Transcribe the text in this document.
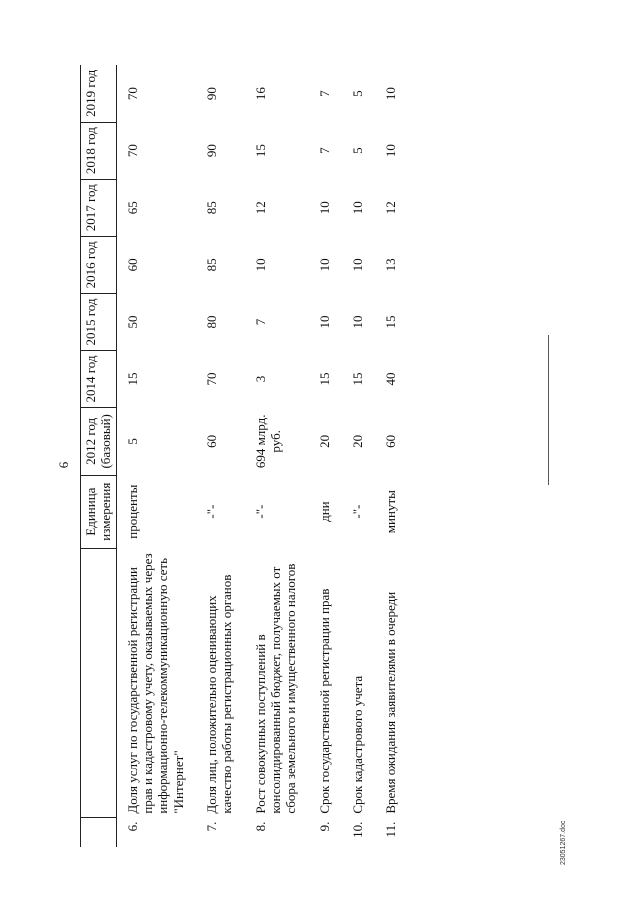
6
		Единица измерения	2012 год (базовый)	2014 год	2015 год	2016 год	2017 год	2018 год	2019 год
6.	Доля услуг по государственной регистрации прав и кадастровому учету, оказываемых через информационно-телекоммуникационную сеть "Интернет"	проценты	5	15	50	60	65	70	70
7.	Доля лиц, положительно оценивающих качество работы регистрационных органов	-"-	60	70	80	85	85	90	90
8.	Рост совокупных поступлений в консолидированный бюджет, получаемых от сбора земельного и имущественного налогов	-"-	694 млрд. руб.	3	7	10	12	15	16
9.	Срок государственной регистрации прав	дни	20	15	10	10	10	7	7
10.	Срок кадастрового учета	-"-	20	15	10	10	10	5	5
11.	Время ожидания заявителями в очереди	минуты	60	40	15	13	12	10	10
23051267.doc
